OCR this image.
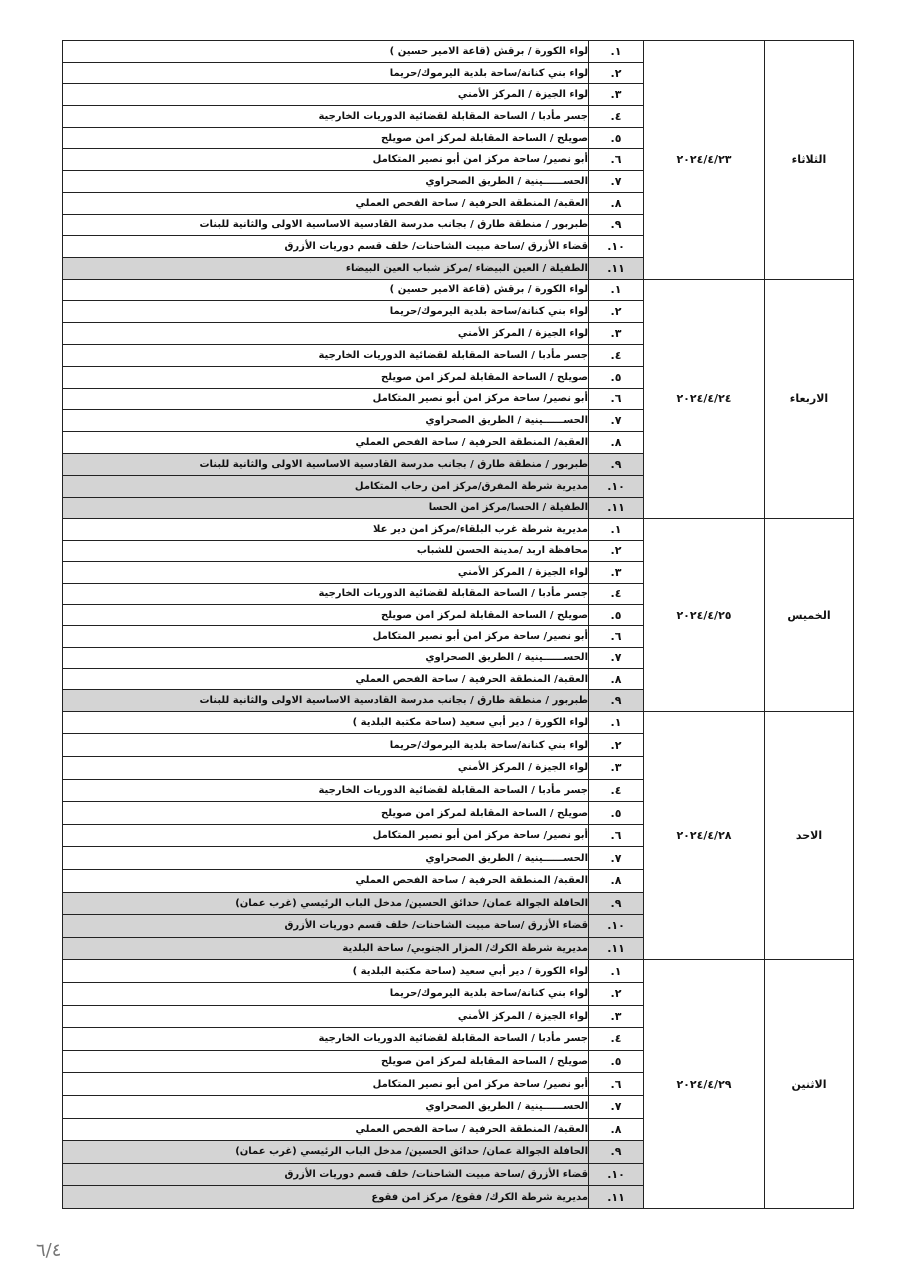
لواء الكورة / برقش (قاعة الامير حسين )	١.	٢٠٢٤/٤/٢٣	الثلاثاء
لواء بني كنانة/ساحة بلدية اليرموك/حريما	٢.		
لواء الجيزة / المركز الأمني	٣.		
جسر مأدبا / الساحة المقابلة لقضائية الدوريات الخارجية	٤.		
صويلح / الساحة المقابلة لمركز امن صويلح	٥.		
أبو نصير/ ساحة مركز امن أبو نصير المتكامل	٦.		
الحســــــينية / الطريق الصحراوي	٧.		
العقبة/ المنطقة الحرفية / ساحة الفحص العملي	٨.		
طبربور / منطقة طارق / بجانب مدرسة القادسية الاساسية الاولى والثانية للبنات	٩.		
قضاء الأزرق /ساحة مبيت الشاحنات/ خلف قسم دوريات الأزرق	١٠.		
الطفيلة / العين البيضاء /مركز شباب العين البيضاء	١١.		
لواء الكورة / برقش (قاعة الامير حسين )	١.	٢٠٢٤/٤/٢٤	الاربعاء
لواء بني كنانة/ساحة بلدية اليرموك/حريما	٢.		
لواء الجيزة / المركز الأمني	٣.		
جسر مأدبا / الساحة المقابلة لقضائية الدوريات الخارجية	٤.		
صويلح / الساحة المقابلة لمركز امن صويلح	٥.		
أبو نصير/ ساحة مركز امن أبو نصير المتكامل	٦.		
الحســــــينية / الطريق الصحراوي	٧.		
العقبة/ المنطقة الحرفية / ساحة الفحص العملي	٨.		
طبربور / منطقة طارق / بجانب مدرسة القادسية الاساسية الاولى والثانية للبنات	٩.		
مديرية شرطة المفرق/مركز امن رحاب المتكامل	١٠.		
الطفيلة / الحسا/مركز امن الحسا	١١.		
مديرية شرطة غرب البلقاء/مركز امن دير علا	١.	٢٠٢٤/٤/٢٥	الخميس
محافظة اربد /مدينة الحسن للشباب	٢.		
لواء الجيزة / المركز الأمني	٣.		
جسر مأدبا / الساحة المقابلة لقضائية الدوريات الخارجية	٤.		
صويلح / الساحة المقابلة لمركز امن صويلح	٥.		
أبو نصير/ ساحة مركز امن أبو نصير المتكامل	٦.		
الحســــــينية / الطريق الصحراوي	٧.		
العقبة/ المنطقة الحرفية / ساحة الفحص العملي	٨.		
طبربور / منطقة طارق / بجانب مدرسة القادسية الاساسية الاولى والثانية للبنات	٩.		
لواء الكورة / دير أبي سعيد (ساحة مكتبة البلدية )	١.	٢٠٢٤/٤/٢٨	الاحد
لواء بني كنانة/ساحة بلدية اليرموك/حريما	٢.		
لواء الجيزة / المركز الأمني	٣.		
جسر مأدبا / الساحة المقابلة لقضائية الدوريات الخارجية	٤.		
صويلح / الساحة المقابلة لمركز امن صويلح	٥.		
أبو نصير/ ساحة مركز امن أبو نصير المتكامل	٦.		
الحســــــينية / الطريق الصحراوي	٧.		
العقبة/ المنطقة الحرفية / ساحة الفحص العملي	٨.		
الحافلة الجوالة عمان/ حدائق الحسين/ مدخل الباب الرئيسي (غرب عمان)	٩.		
قضاء الأزرق /ساحة مبيت الشاحنات/ خلف قسم دوريات الأزرق	١٠.		
مديرية شرطة الكرك/ المزار الجنوبي/ ساحة البلدية	١١.		
لواء الكورة / دير أبي سعيد (ساحة مكتبة البلدية )	١.	٢٠٢٤/٤/٢٩	الاثنين
لواء بني كنانة/ساحة بلدية اليرموك/حريما	٢.		
لواء الجيزة / المركز الأمني	٣.		
جسر مأدبا / الساحة المقابلة لقضائية الدوريات الخارجية	٤.		
صويلح / الساحة المقابلة لمركز امن صويلح	٥.		
أبو نصير/ ساحة مركز امن أبو نصير المتكامل	٦.		
الحســــــينية / الطريق الصحراوي	٧.		
العقبة/ المنطقة الحرفية / ساحة الفحص العملي	٨.		
الحافلة الجوالة عمان/ حدائق الحسين/ مدخل الباب الرئيسي (غرب عمان)	٩.		
قضاء الأزرق /ساحة مبيت الشاحنات/ خلف قسم دوريات الأزرق	١٠.		
مديرية شرطة الكرك/ فقوع/ مركز امن فقوع	١١.		
٦/٤
